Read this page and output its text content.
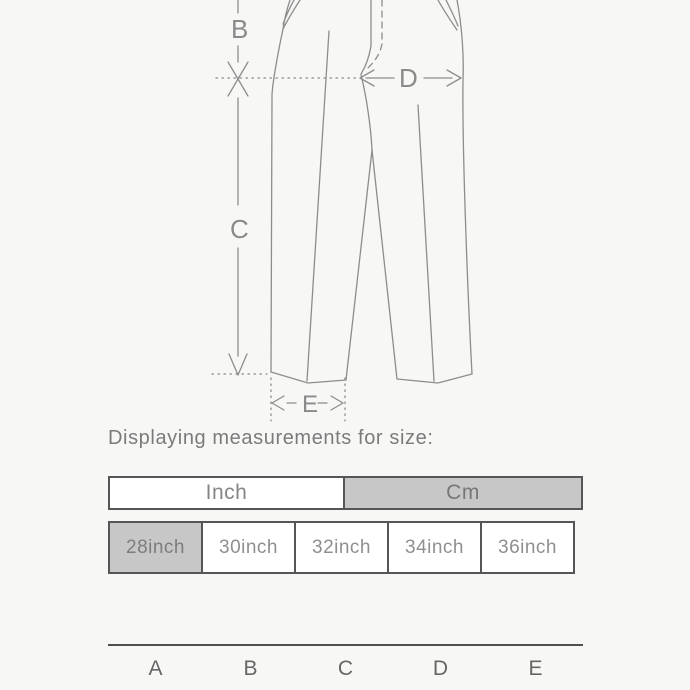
B
C
D
E
Displaying measurements for size:
Inch	Cm
28inch	30inch	32inch	34inch	36inch
A	B	C	D	E
